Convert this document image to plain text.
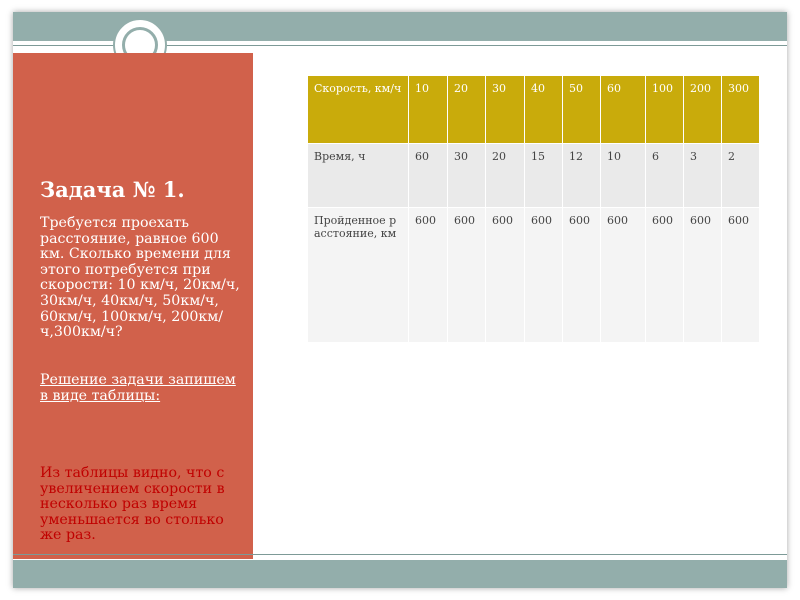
Задача № 1.
Требуется проехать расстояние, равное 600 км. Сколько времени для этого потребуется при скорости: 10 км/ч, 20км/ч, 30км/ч, 40км/ч, 50км/ч, 60км/ч, 100км/ч, 200км/ч,300км/ч?
Решение задачи запишем в виде таблицы:
Из таблицы видно, что с увеличением скорости в несколько раз время уменьшается во столько же раз.
Скорость, км/ч	10	20	30	40	50	60	100	200	300
Время, ч	60	30	20	15	12	10	6	3	2
Пройденное расстояние, км	600	600	600	600	600	600	600	600	600
